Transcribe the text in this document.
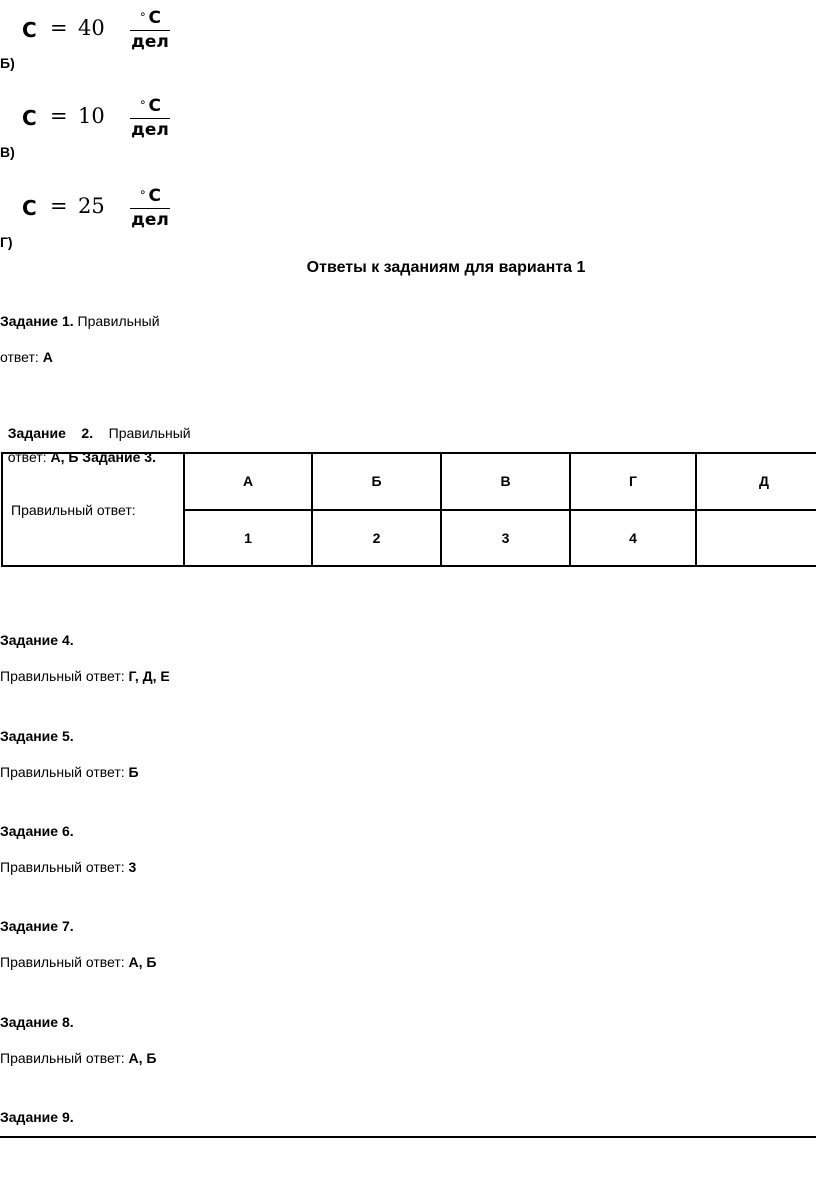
С = 40
∘ С
дел
Б)
С = 10
∘ С
дел
В)
С = 25
∘ С
дел
Г)
Ответы к заданиям для варианта 1
Задание 1. Правильный
ответ: А

Задание    2.    Правильный

ответ: А, Б Задание 3.

Правильный ответ:	А	Б	В	Г	Д
	1	2	3	4	
Задание 4.
Правильный ответ: Г, Д, Е
Задание 5.
Правильный ответ: Б
Задание 6.
Правильный ответ: 3
Задание 7.
Правильный ответ: А, Б
Задание 8.
Правильный ответ: А, Б
Задание 9.
